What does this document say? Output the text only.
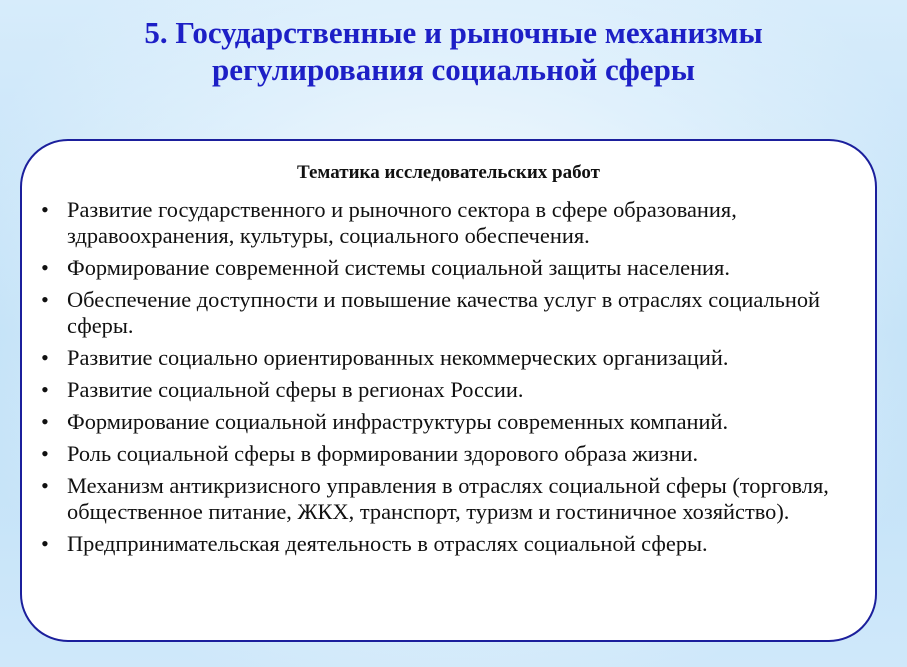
5. Государственные и рыночные механизмы
регулирования социальной сферы
Тематика исследовательских работ
• Развитие государственного и рыночного сектора в сфере образования, здравоохранения, культуры, социального обеспечения.
• Формирование современной системы социальной защиты населения.
• Обеспечение доступности и повышение качества услуг в отраслях социальной сферы.
• Развитие социально ориентированных некоммерческих организаций.
• Развитие социальной сферы в регионах России.
• Формирование социальной инфраструктуры современных компаний.
• Роль социальной сферы в формировании здорового образа жизни.
• Механизм антикризисного управления в отраслях социальной сферы (торговля, общественное питание, ЖКХ, транспорт, туризм и гостиничное хозяйство).
• Предпринимательская деятельность в отраслях социальной сферы.
